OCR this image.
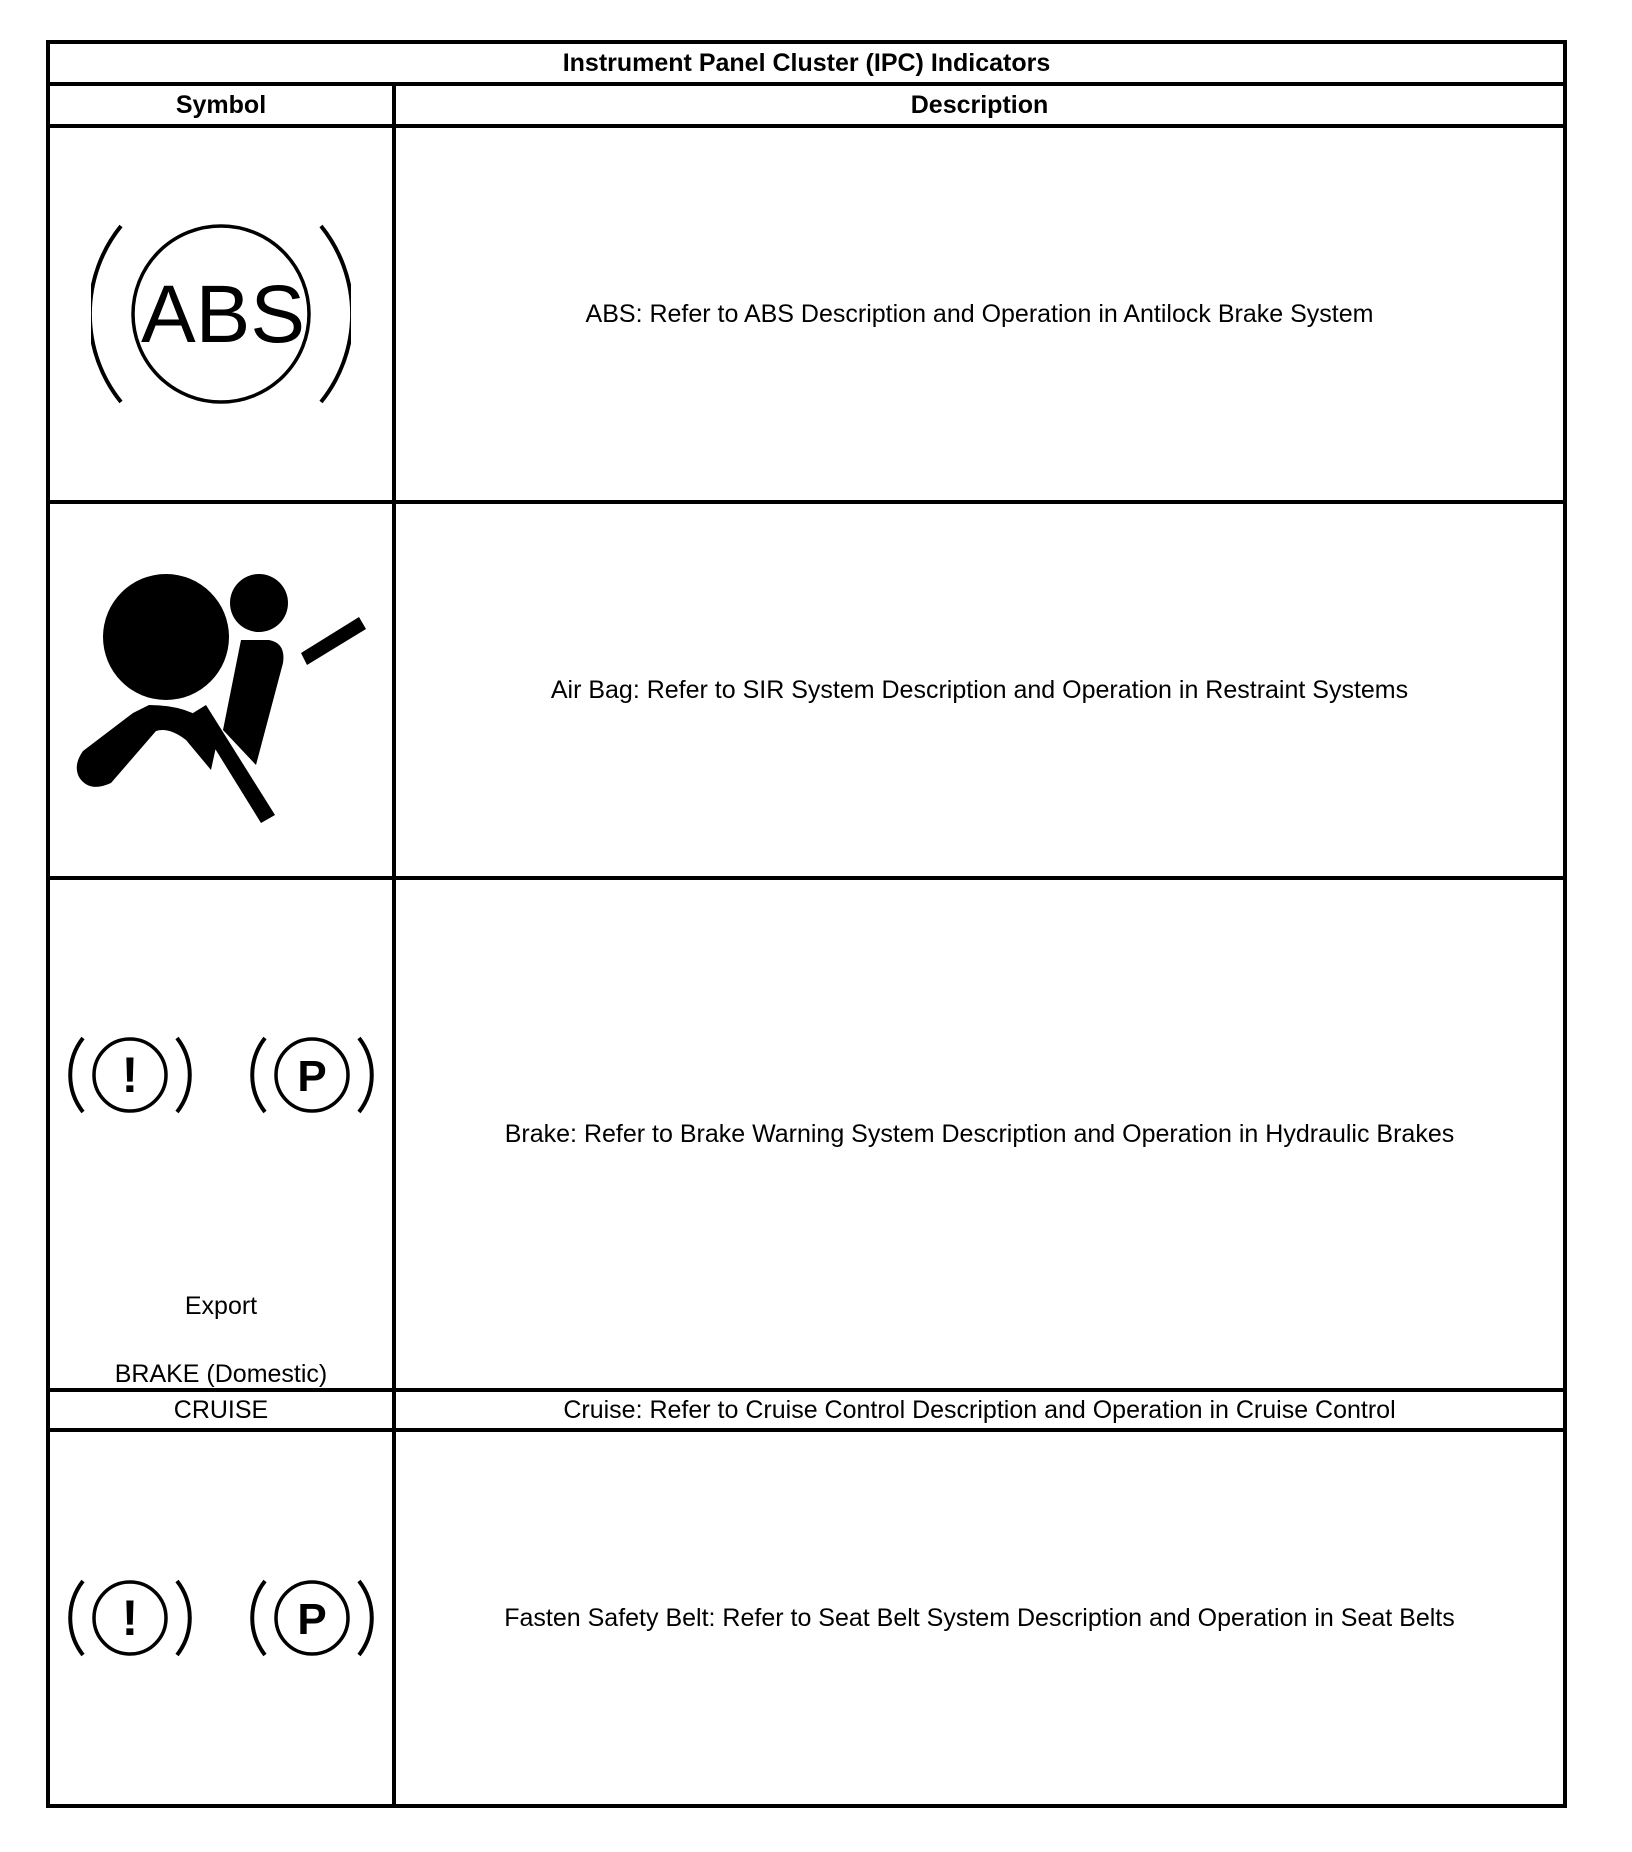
Instrument Panel Cluster (IPC) Indicators	
Symbol	Description

ABS	ABS: Refer to ABS Description and Operation in Antilock Brake System

	Air Bag: Refer to SIR System Description and Operation in Restraint Systems

! P
Export
BRAKE (Domestic)	Brake: Refer to Brake Warning System Description and Operation in Hydraulic Brakes
CRUISE	Cruise: Refer to Cruise Control Description and Operation in Cruise Control

! P	Fasten Safety Belt: Refer to Seat Belt System Description and Operation in Seat Belts
